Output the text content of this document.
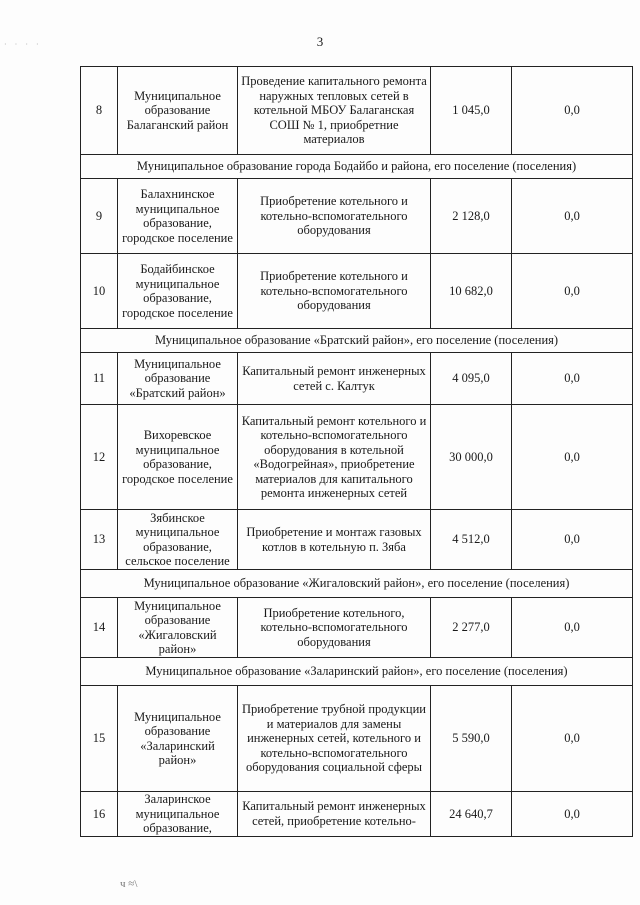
· · · ·	3
8	Муниципальное образование Балаганский район	Проведение капитального ремонта наружных тепловых сетей в котельной МБОУ Балаганская СОШ № 1, приобретние материалов	1 045,0	0,0
Муниципальное образование города Бодайбо и района, его поселение (поселения)				
9	Балахнинское муниципальное образование, городское поселение	Приобретение котельного и котельно-вспомогательного оборудования	2 128,0	0,0
10	Бодайбинское муниципальное образование, городское поселение	Приобретение котельного и котельно-вспомогательного оборудования	10 682,0	0,0
Муниципальное образование «Братский район», его поселение (поселения)				
11	Муниципальное образование «Братский район»	Капитальный ремонт инженерных сетей с. Калтук	4 095,0	0,0
12	Вихоревское муниципальное образование, городское поселение	Капитальный ремонт котельного и котельно-вспомогательного оборудования в котельной «Водогрейная», приобретение материалов для капитального ремонта инженерных сетей	30 000,0	0,0
13	Зябинское муниципальное образование, сельское поселение	Приобретение и монтаж газовых котлов в котельную п. Зяба	4 512,0	0,0
Муниципальное образование «Жигаловский район», его поселение (поселения)				
14	Муниципальное образование «Жигаловский район»	Приобретение котельного, котельно-вспомогательного оборудования	2 277,0	0,0
Муниципальное образование «Заларинский район», его поселение (поселения)				
15	Муниципальное образование «Заларинский район»	Приобретение трубной продукции и материалов для замены инженерных сетей, котельного и котельно-вспомогательного оборудования социальной сферы	5 590,0	0,0
16	Заларинское муниципальное образование,	Капитальный ремонт инженерных сетей, приобретение котельно-	24 640,7	0,0
ч ≈\
